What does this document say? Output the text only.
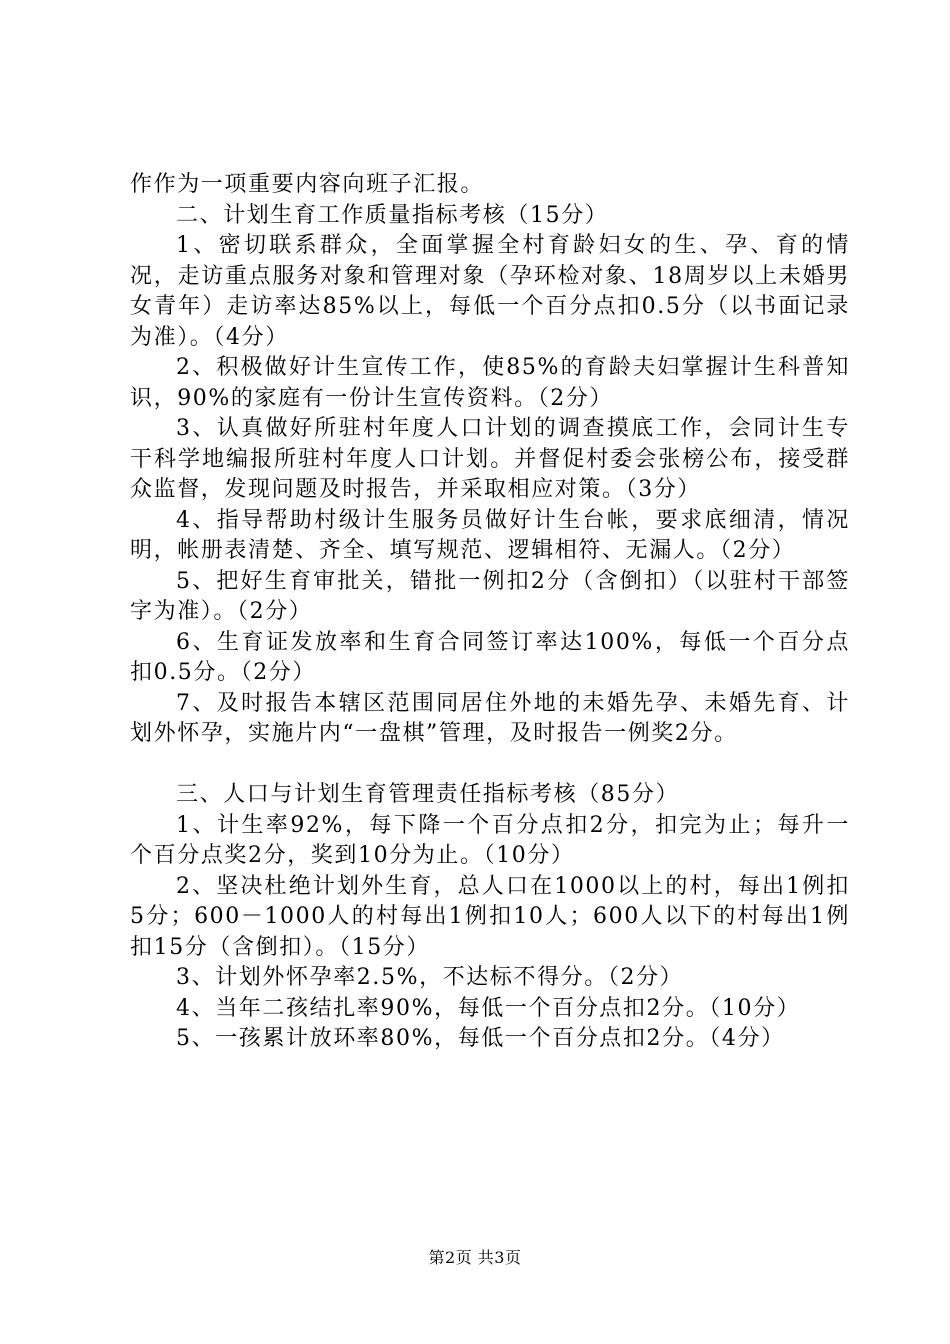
作作为一项重要内容向班子汇报。

二、计划生育工作质量指标考核（15分）

1、密切联系群众，全面掌握全村育龄妇女的生、孕、育的情况，走访重点服务对象和管理对象（孕环检对象、18周岁以上未婚男女青年）走访率达85%以上，每低一个百分点扣0.5分（以书面记录为准）。（4分）

2、积极做好计生宣传工作，使85%的育龄夫妇掌握计生科普知识，90%的家庭有一份计生宣传资料。（2分）

3、认真做好所驻村年度人口计划的调查摸底工作，会同计生专干科学地编报所驻村年度人口计划。并督促村委会张榜公布，接受群众监督，发现问题及时报告，并采取相应对策。（3分）

4、指导帮助村级计生服务员做好计生台帐，要求底细清，情况明，帐册表清楚、齐全、填写规范、逻辑相符、无漏人。（2分）

5、把好生育审批关，错批一例扣2分（含倒扣）（以驻村干部签字为准）。（2分）

6、生育证发放率和生育合同签订率达100%，每低一个百分点扣0.5分。（2分）

7、及时报告本辖区范围同居住外地的未婚先孕、未婚先育、计划外怀孕，实施片内“一盘棋”管理，及时报告一例奖2分。

三、人口与计划生育管理责任指标考核（85分）

1、计生率92%，每下降一个百分点扣2分，扣完为止；每升一个百分点奖2分，奖到10分为止。（10分）

2、坚决杜绝计划外生育，总人口在1000以上的村，每出1例扣5分；600－1000人的村每出1例扣10人；600人以下的村每出1例扣15分（含倒扣）。（15分）

3、计划外怀孕率2.5%，不达标不得分。（2分）

4、当年二孩结扎率90%，每低一个百分点扣2分。（10分）

5、一孩累计放环率80%，每低一个百分点扣2分。（4分）

第2页 共3页
